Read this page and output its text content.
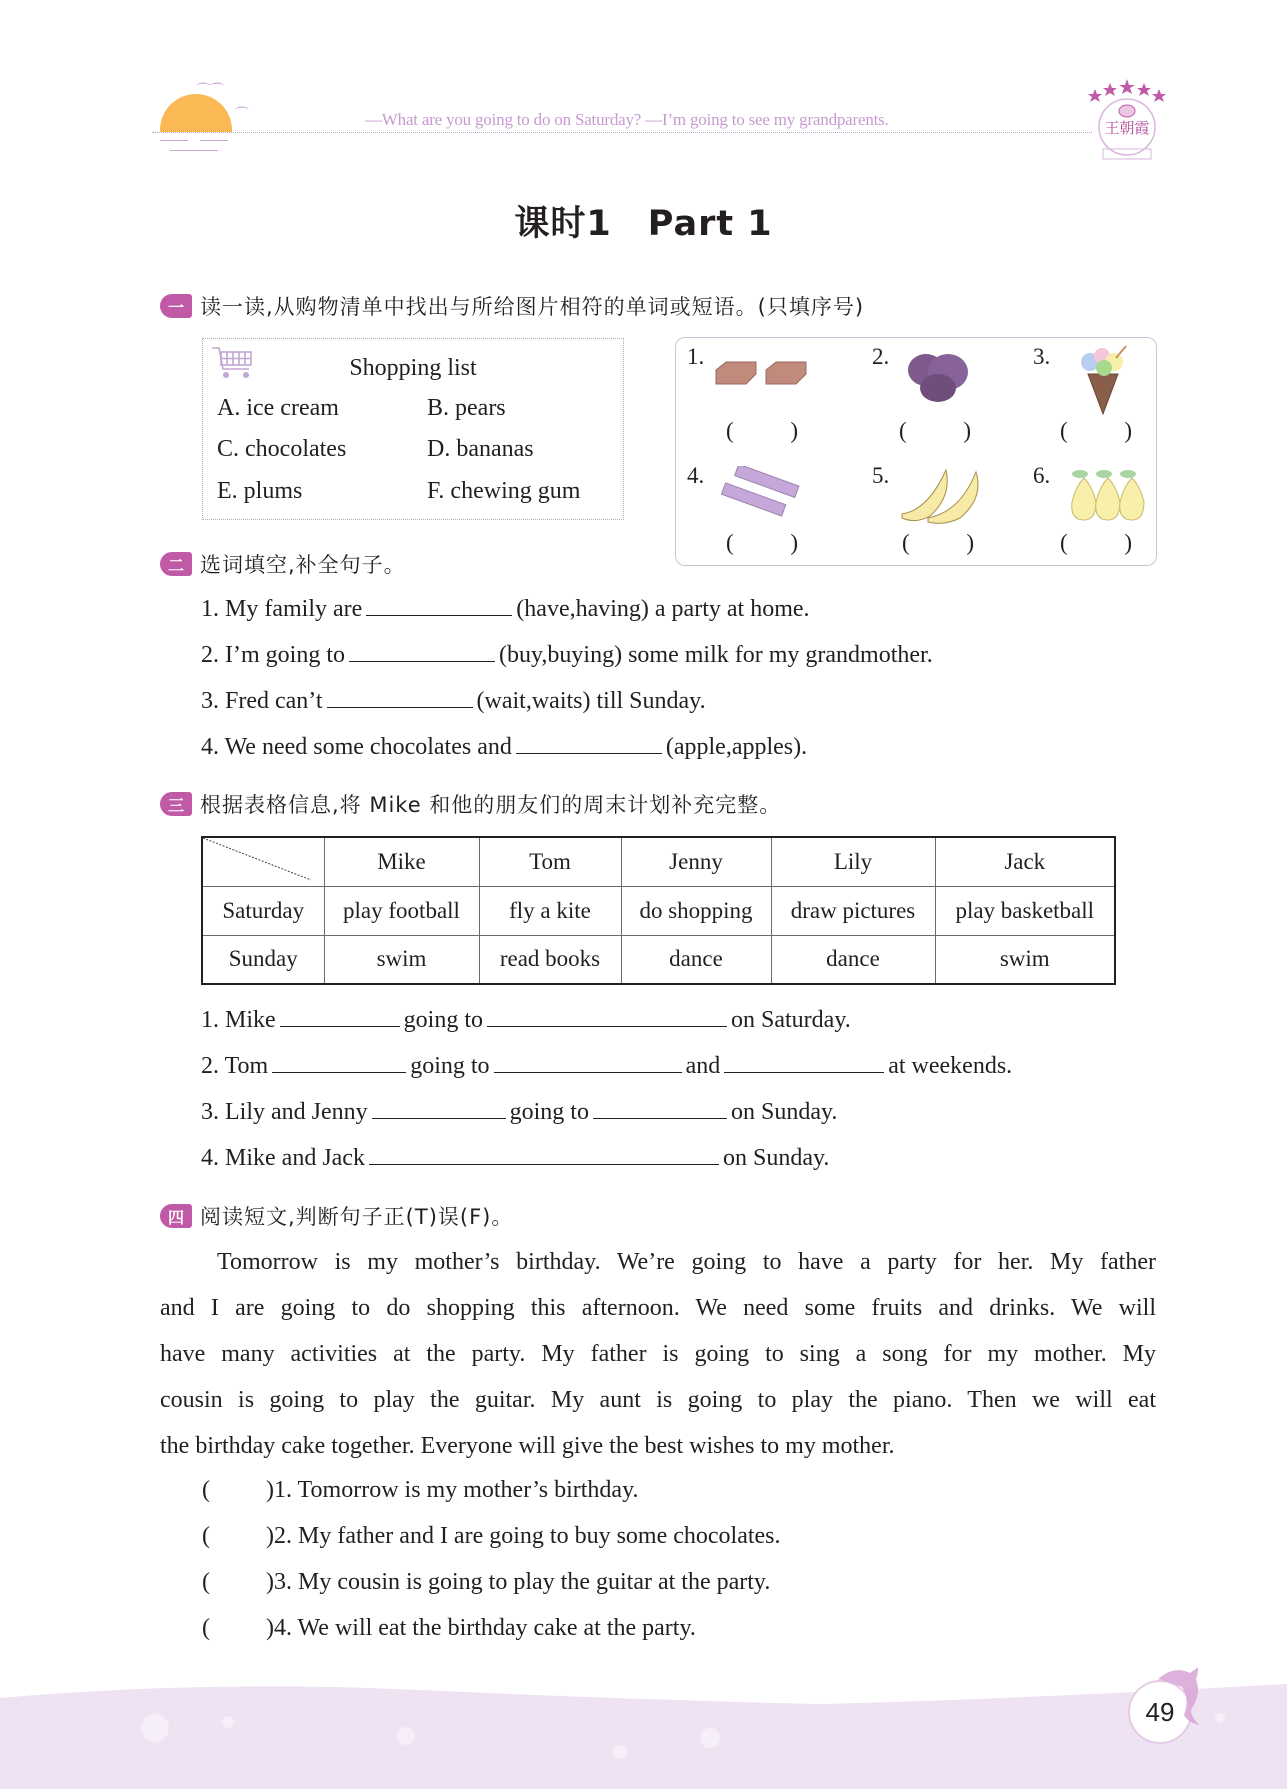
⌒⌒
⌒	—What are you going to do on Saturday? —I’m going to see my grandparents.	王朝霞
课时1 Part 1
一 读一读,从购物清单中找出与所给图片相符的单词或短语。(只填序号)
Shopping list
A. ice cream	B. pears
C. chocolates	D. bananas
E. plums	F. chewing gum
1.
( )
2.
( )
3.
( )
4.
( )
5.
( )
6.
( )
二 选词填空,补全句子。
1. My family are	(have,having) a party at home.
2. I’m going to	(buy,buying) some milk for my grandmother.
3. Fred can’t	(wait,waits) till Sunday.
4. We need some chocolates and	(apple,apples).
三 根据表格信息,将 Mike 和他的朋友们的周末计划补充完整。
	Mike	Tom	Jenny	Lily	Jack
Saturday	play football	fly a kite	do shopping	draw pictures	play basketball
Sunday	swim	read books	dance	dance	swim
1. Mike	going to	on Saturday.
2. Tom	going to	and	at weekends.
3. Lily and Jenny	going to	on Sunday.
4. Mike and Jack	on Sunday.
四 阅读短文,判断句子正(T)误(F)。
Tomorrow is my mother’s birthday. We’re going to have a party for her. My father
and I are going to do shopping this afternoon. We need some fruits and drinks. We will
have many activities at the party. My father is going to sing a song for my mother. My
cousin is going to play the guitar. My aunt is going to play the piano. Then we will eat
the birthday cake together. Everyone will give the best wishes to my mother.
( )1. Tomorrow is my mother’s birthday.
( )2. My father and I are going to buy some chocolates.
( )3. My cousin is going to play the guitar at the party.
( )4. We will eat the birthday cake at the party.
49
